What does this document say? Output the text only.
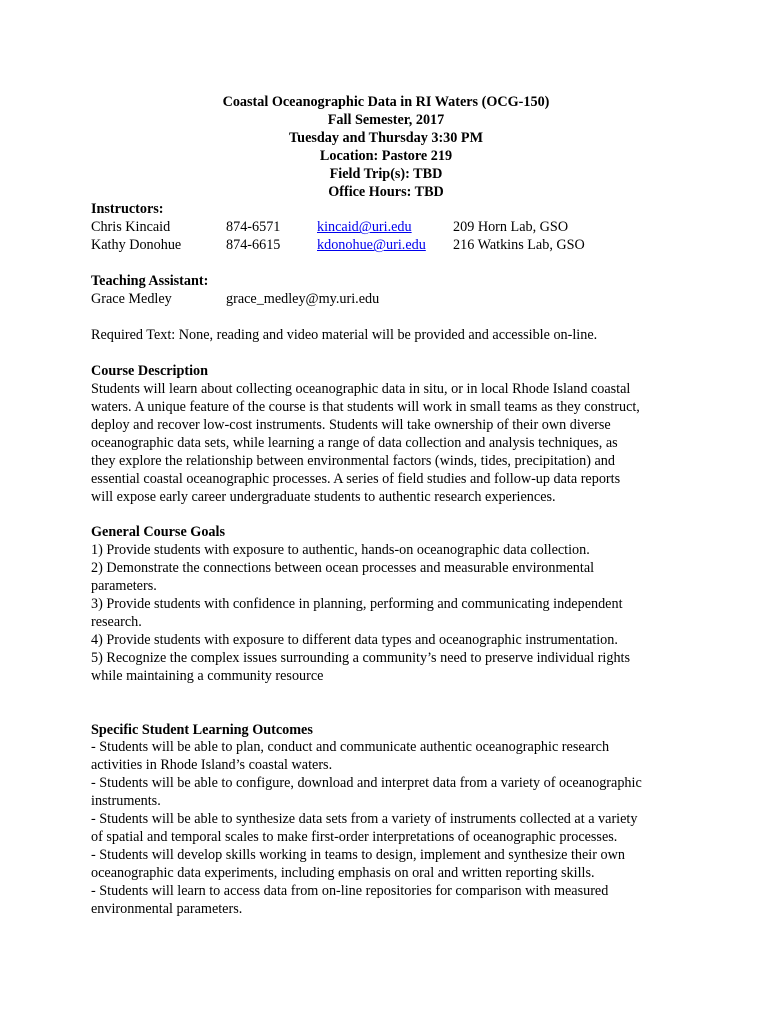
Coastal Oceanographic Data in RI Waters (OCG-150)
Fall Semester, 2017
Tuesday and Thursday 3:30 PM
Location: Pastore 219
Field Trip(s): TBD
Office Hours: TBD
Instructors:
Chris Kincaid	874-6571	kincaid@uri.edu	209 Horn Lab, GSO
Kathy Donohue	874-6615	kdonohue@uri.edu 216 Watkins Lab, GSO
Teaching Assistant:
Grace Medley	grace_medley@my.uri.edu
Required Text: None, reading and video material will be provided and accessible on-line.
Course Description
Students will learn about collecting oceanographic data in situ, or in local Rhode Island coastal
waters. A unique feature of the course is that students will work in small teams as they construct,
deploy and recover low-cost instruments. Students will take ownership of their own diverse
oceanographic data sets, while learning a range of data collection and analysis techniques, as
they explore the relationship between environmental factors (winds, tides, precipitation) and
essential coastal oceanographic processes. A series of field studies and follow-up data reports
will expose early career undergraduate students to authentic research experiences.
General Course Goals
1) Provide students with exposure to authentic, hands-on oceanographic data collection.
2) Demonstrate the connections between ocean processes and measurable environmental
parameters.
3) Provide students with confidence in planning, performing and communicating independent
research.
4) Provide students with exposure to different data types and oceanographic instrumentation.
5) Recognize the complex issues surrounding a community’s need to preserve individual rights
while maintaining a community resource
Specific Student Learning Outcomes
- Students will be able to plan, conduct and communicate authentic oceanographic research
activities in Rhode Island’s coastal waters.
- Students will be able to configure, download and interpret data from a variety of oceanographic
instruments.
- Students will be able to synthesize data sets from a variety of instruments collected at a variety
of spatial and temporal scales to make first-order interpretations of oceanographic processes.
- Students will develop skills working in teams to design, implement and synthesize their own
oceanographic data experiments, including emphasis on oral and written reporting skills.
- Students will learn to access data from on-line repositories for comparison with measured
environmental parameters.
